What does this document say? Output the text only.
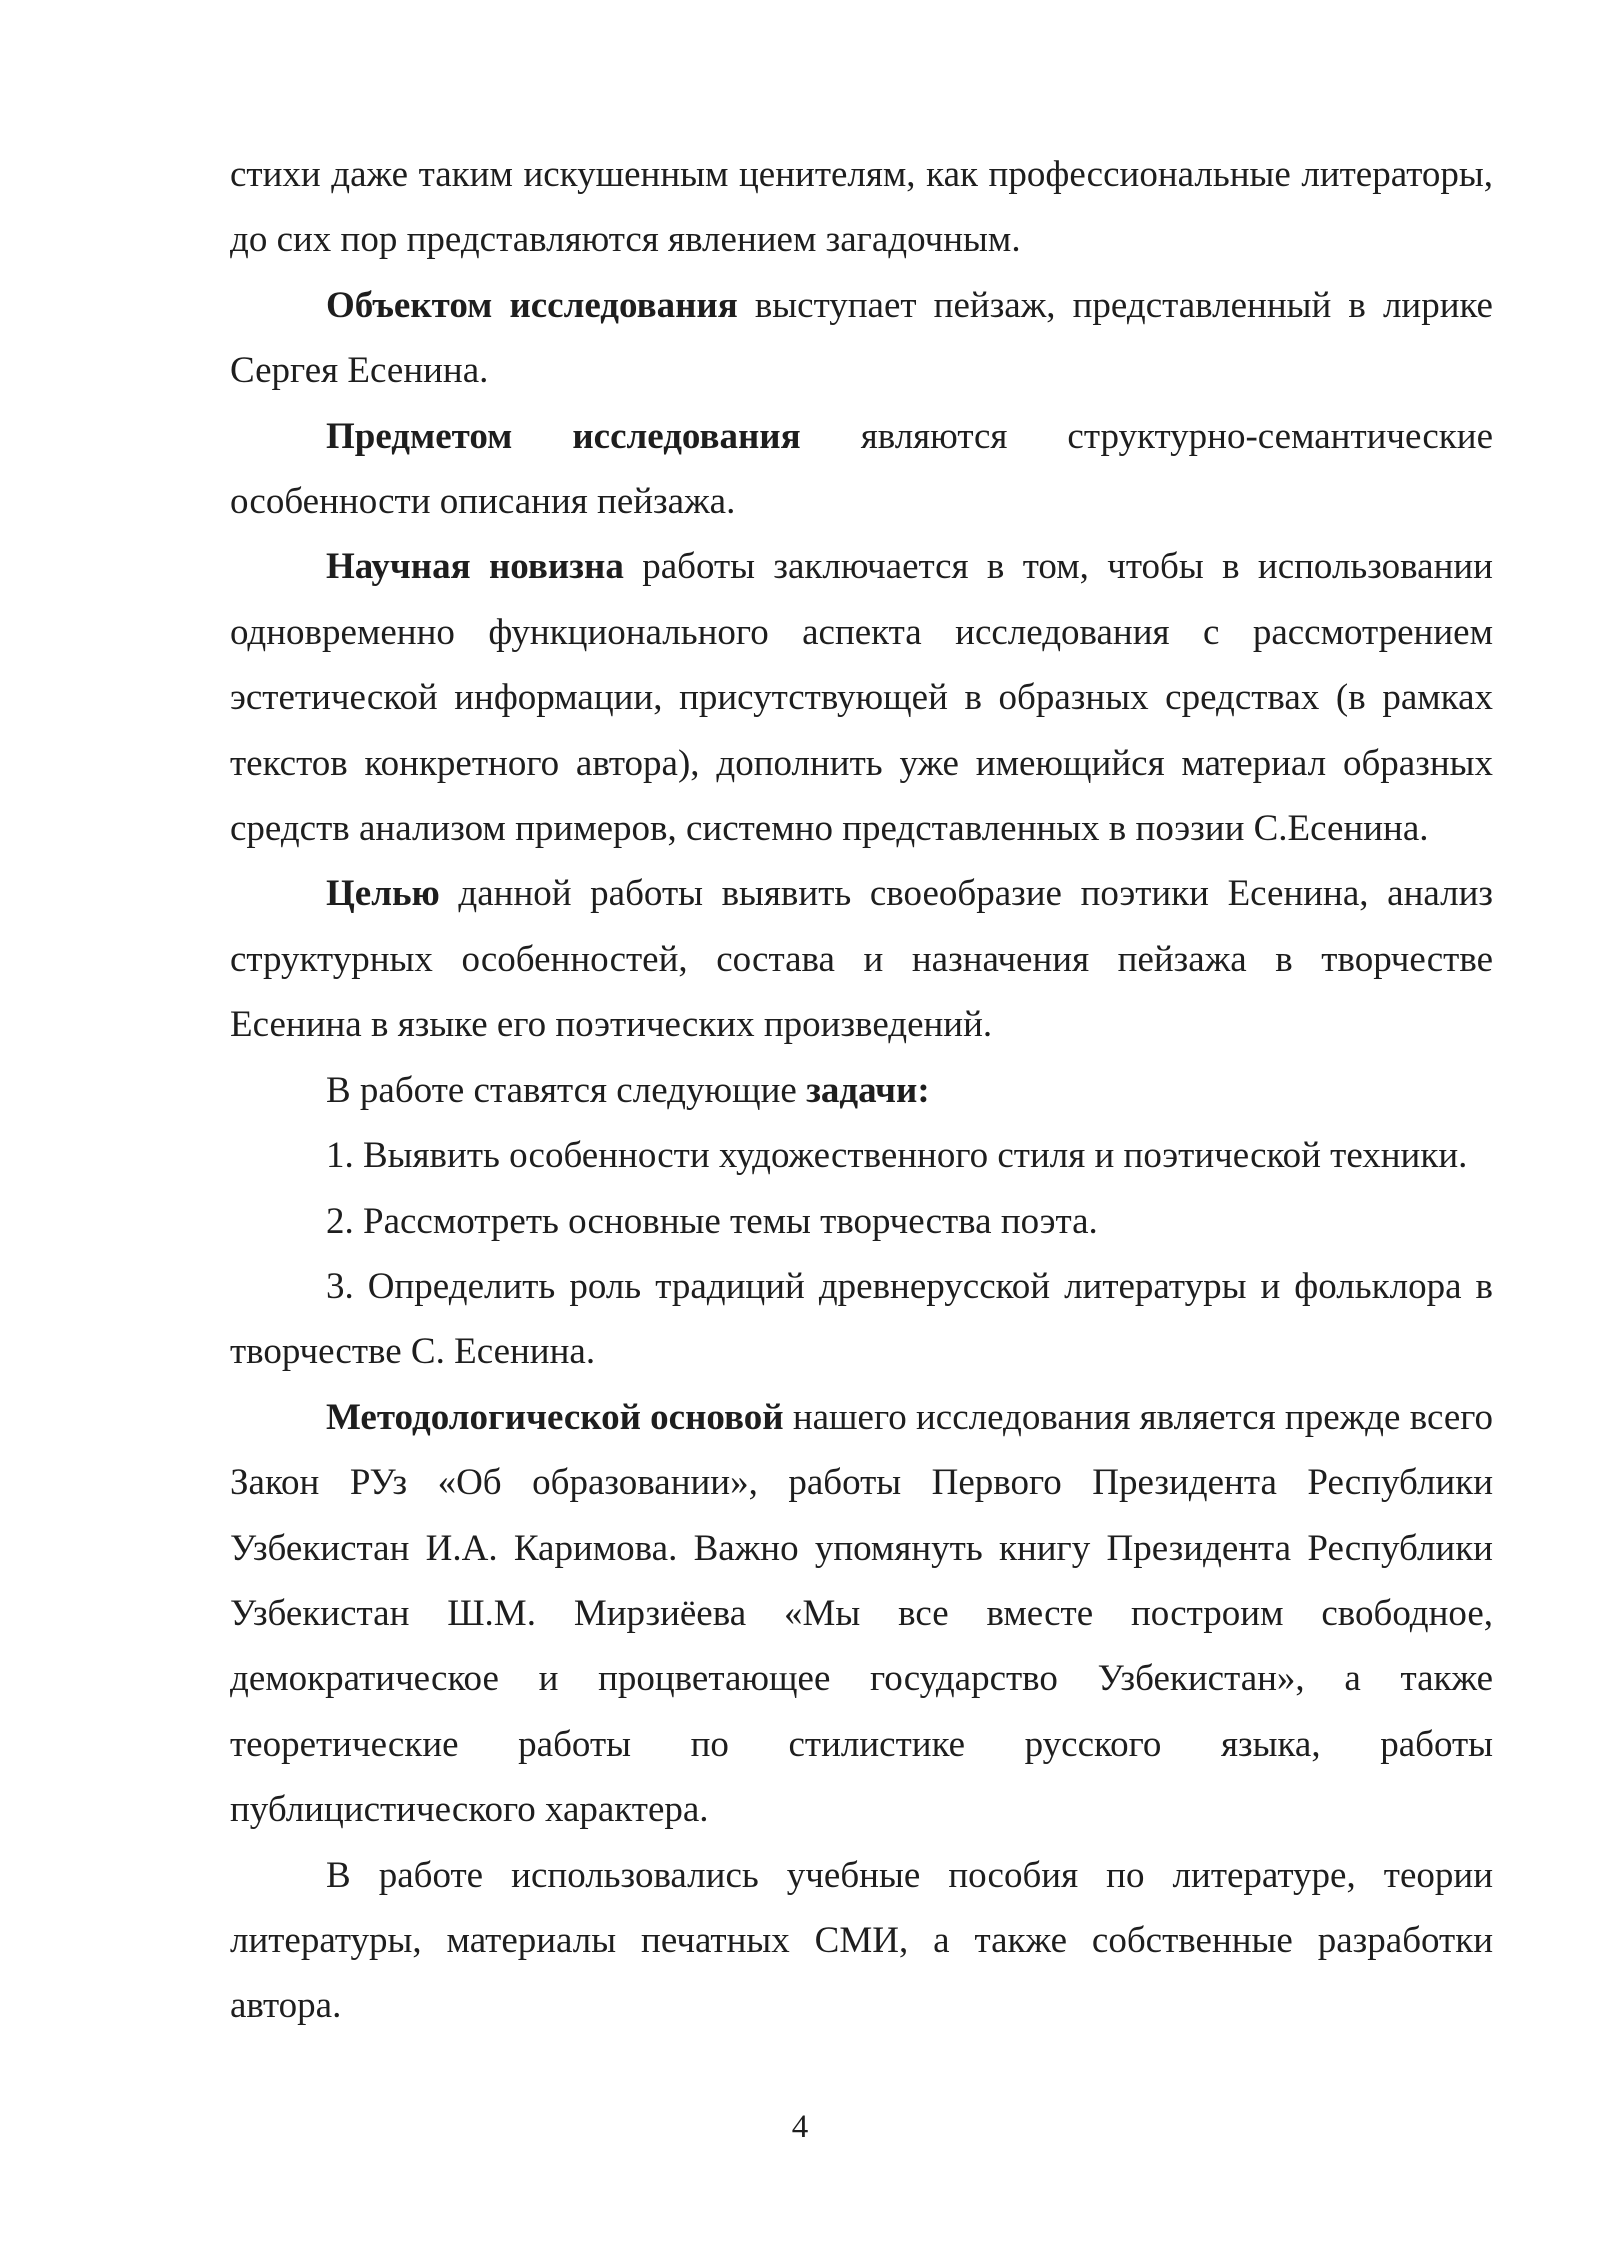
стихи даже таким искушенным ценителям, как профессиональные литераторы, до сих пор представляются явлением загадочным.

Объектом исследования выступает пейзаж, представленный в лирике Сергея Есенина.

Предметом исследования являются структурно-семантические особенности описания пейзажа.

Научная новизна работы заключается в том, чтобы в использовании одновременно функционального аспекта исследования с рассмотрением эстетической информации, присутствующей в образных средствах (в рамках текстов конкретного автора), дополнить уже имеющийся материал образных средств анализом примеров, системно представленных в поэзии С.Есенина.

Целью данной работы выявить своеобразие поэтики Есенина, анализ структурных особенностей, состава и назначения пейзажа в творчестве Есенина в языке его поэтических произведений.

В работе ставятся следующие задачи:

1. Выявить особенности художественного стиля и поэтической техники.

2. Рассмотреть основные темы творчества поэта.

3. Определить роль традиций древнерусской литературы и фольклора в творчестве С. Есенина.

Методологической основой нашего исследования является прежде всего Закон РУз «Об образовании», работы Первого Президента Республики Узбекистан И.А. Каримова. Важно упомянуть книгу Президента Республики Узбекистан Ш.М. Мирзиёева «Мы все вместе построим свободное, демократическое и процветающее государство Узбекистан», а также теоретические работы по стилистике русского языка, работы публицистического характера.

В работе использовались учебные пособия по литературе, теории литературы, материалы печатных СМИ, а также собственные разработки автора.

4
